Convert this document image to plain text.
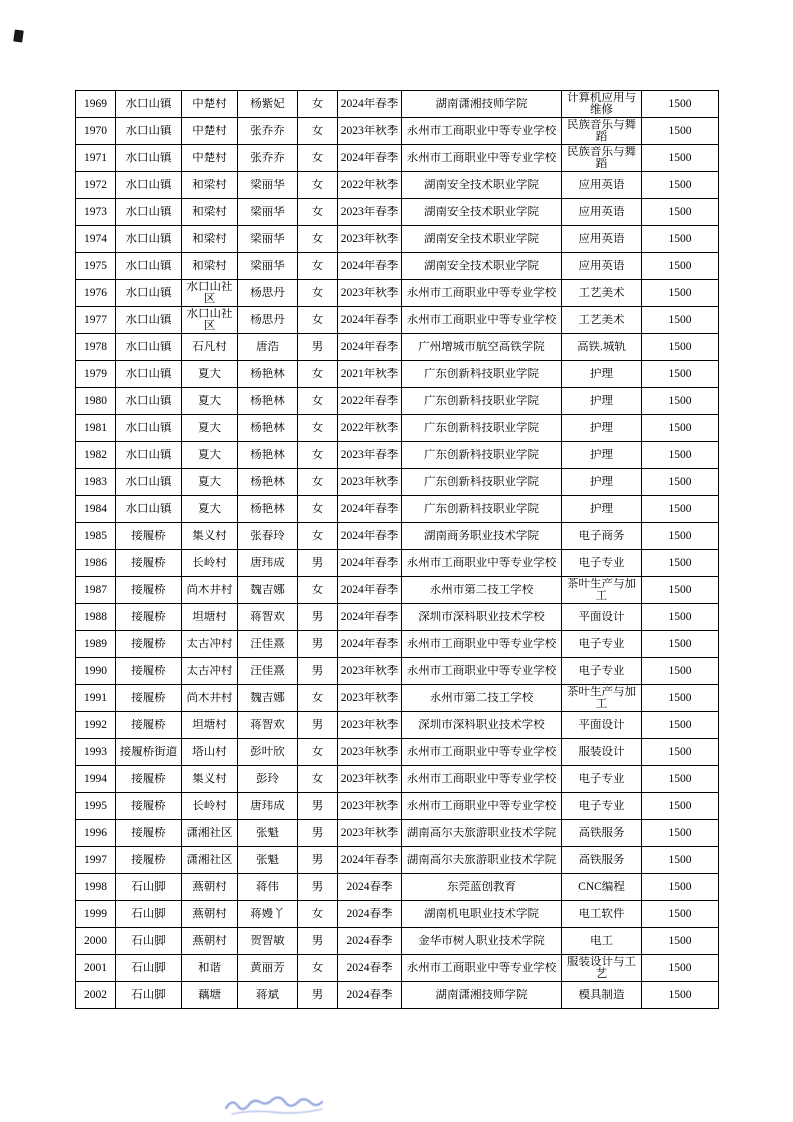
1969	水口山镇	中楚村	杨紫妃	女	2024年春季	湖南潇湘技师学院	计算机应用与维修	1500

1970	水口山镇	中楚村	张乔乔	女	2023年秋季	永州市工商职业中等专业学校	民族音乐与舞蹈	1500

1971	水口山镇	中楚村	张乔乔	女	2024年春季	永州市工商职业中等专业学校	民族音乐与舞蹈	1500

1972	水口山镇	和梁村	梁丽华	女	2022年秋季	湖南安全技术职业学院	应用英语	1500

1973	水口山镇	和梁村	梁丽华	女	2023年春季	湖南安全技术职业学院	应用英语	1500

1974	水口山镇	和梁村	梁丽华	女	2023年秋季	湖南安全技术职业学院	应用英语	1500

1975	水口山镇	和梁村	梁丽华	女	2024年春季	湖南安全技术职业学院	应用英语	1500

1976	水口山镇	水口山社区	杨思丹	女	2023年秋季	永州市工商职业中等专业学校	工艺美术	1500

1977	水口山镇	水口山社区	杨思丹	女	2024年春季	永州市工商职业中等专业学校	工艺美术	1500

1978	水口山镇	石凡村	唐浩	男	2024年春季	广州增城市航空高铁学院	高铁.城轨	1500

1979	水口山镇	夏大	杨艳林	女	2021年秋季	广东创新科技职业学院	护理	1500

1980	水口山镇	夏大	杨艳林	女	2022年春季	广东创新科技职业学院	护理	1500

1981	水口山镇	夏大	杨艳林	女	2022年秋季	广东创新科技职业学院	护理	1500

1982	水口山镇	夏大	杨艳林	女	2023年春季	广东创新科技职业学院	护理	1500

1983	水口山镇	夏大	杨艳林	女	2023年秋季	广东创新科技职业学院	护理	1500

1984	水口山镇	夏大	杨艳林	女	2024年春季	广东创新科技职业学院	护理	1500

1985	接履桥	集义村	张春玲	女	2024年春季	湖南商务职业技术学院	电子商务	1500

1986	接履桥	长岭村	唐玮成	男	2024年春季	永州市工商职业中等专业学校	电子专业	1500

1987	接履桥	尚木井村	魏吉娜	女	2024年春季	永州市第二技工学校	茶叶生产与加工	1500

1988	接履桥	坦塘村	蒋智欢	男	2024年春季	深圳市深科职业技术学校	平面设计	1500

1989	接履桥	太古冲村	汪佳熹	男	2024年春季	永州市工商职业中等专业学校	电子专业	1500

1990	接履桥	太古冲村	汪佳熹	男	2023年秋季	永州市工商职业中等专业学校	电子专业	1500

1991	接履桥	尚木井村	魏吉娜	女	2023年秋季	永州市第二技工学校	茶叶生产与加工	1500

1992	接履桥	坦塘村	蒋智欢	男	2023年秋季	深圳市深科职业技术学校	平面设计	1500

1993	接履桥街道	塔山村	彭叶欣	女	2023年秋季	永州市工商职业中等专业学校	服装设计	1500

1994	接履桥	集义村	彭玲	女	2023年秋季	永州市工商职业中等专业学校	电子专业	1500

1995	接履桥	长岭村	唐玮成	男	2023年秋季	永州市工商职业中等专业学校	电子专业	1500

1996	接履桥	潇湘社区	张魁	男	2023年秋季	湖南高尔夫旅游职业技术学院	高铁服务	1500

1997	接履桥	潇湘社区	张魁	男	2024年春季	湖南高尔夫旅游职业技术学院	高铁服务	1500

1998	石山脚	燕朝村	蒋伟	男	2024春季	东莞蓝创教育	CNC编程	1500

1999	石山脚	燕朝村	蒋嫚丫	女	2024春季	湖南机电职业技术学院	电工软件	1500

2000	石山脚	燕朝村	贺智敏	男	2024春季	金华市树人职业技术学院	电工	1500

2001	石山脚	和谐	黄丽芳	女	2024春季	永州市工商职业中等专业学校	服装设计与工艺	1500

2002	石山脚	藕塘	蒋斌	男	2024春季	湖南潇湘技师学院	模具制造	1500
